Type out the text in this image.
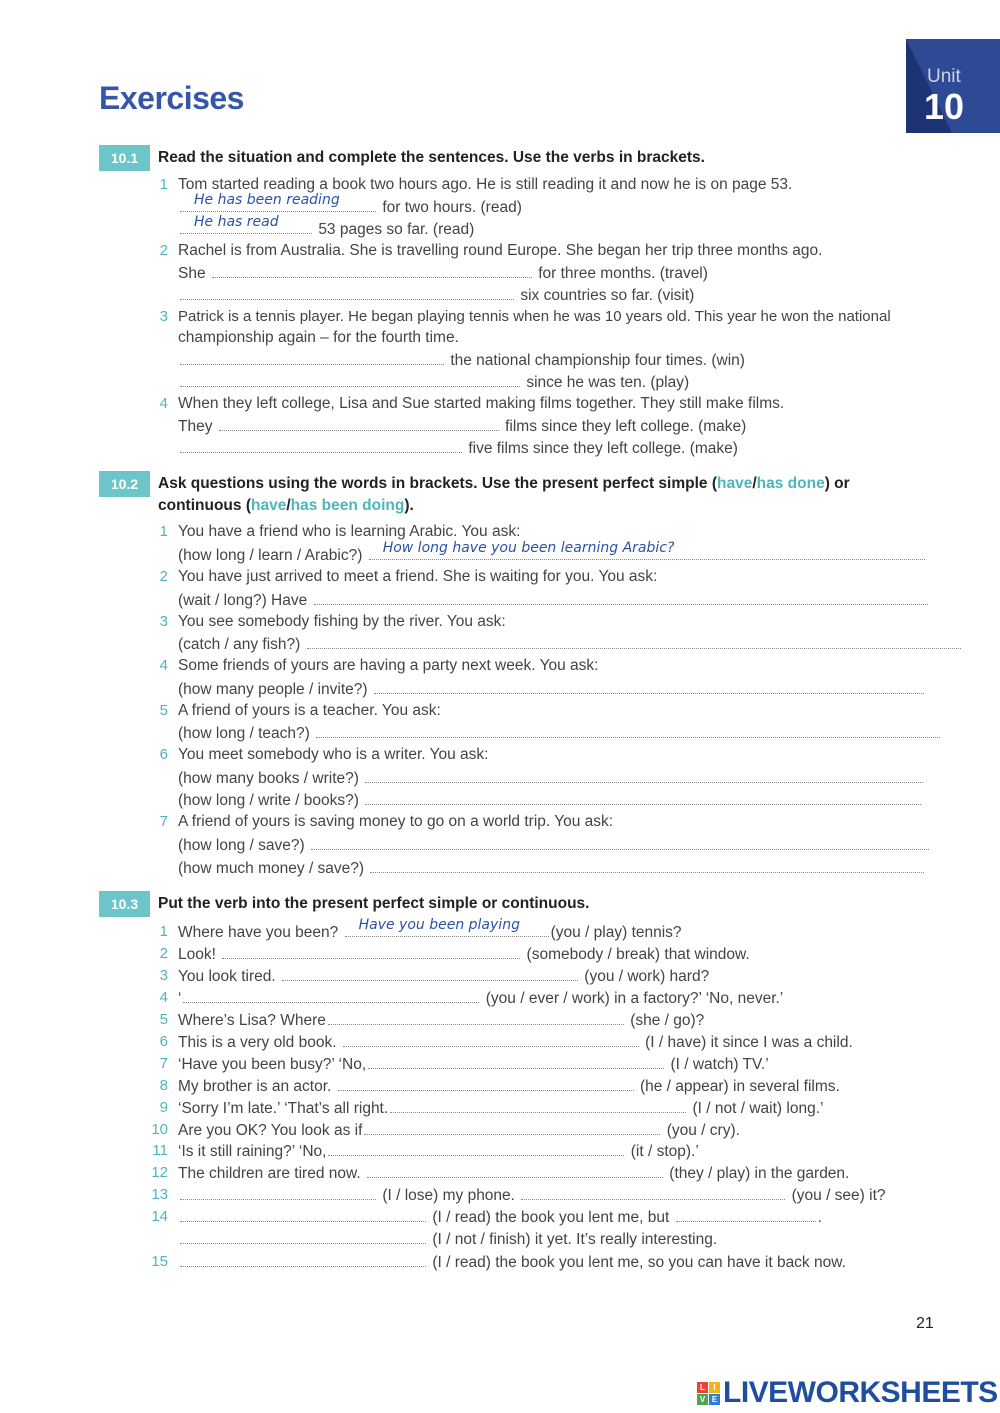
Exercises
Unit
10
10.1	Read the situation and complete the sentences. Use the verbs in brackets.
1 Tom started reading a book two hours ago. He is still reading it and now he is on page 53.
He has been reading	for two hours. (read)
He has read	53 pages so far. (read)
2 Rachel is from Australia. She is travelling round Europe. She began her trip three months ago.
She	for three months. (travel)
six countries so far. (visit)
3 Patrick is a tennis player. He began playing tennis when he was 10 years old. This year he won the national
championship again – for the fourth time.
the national championship four times. (win)
since he was ten. (play)
4 When they left college, Lisa and Sue started making films together. They still make films.
They	films since they left college. (make)
five films since they left college. (make)
10.2	Ask questions using the words in brackets. Use the present perfect simple (have/has done) or
continuous (have/has been doing).
1 You have a friend who is learning Arabic. You ask:
(how long / learn / Arabic?) How long have you been learning Arabic?
2 You have just arrived to meet a friend. She is waiting for you. You ask:
(wait / long?) Have
3 You see somebody fishing by the river. You ask:
(catch / any fish?)
4 Some friends of yours are having a party next week. You ask:
(how many people / invite?)
5 A friend of yours is a teacher. You ask:
(how long / teach?)
6 You meet somebody who is a writer. You ask:
(how many books / write?)
(how long / write / books?)
7 A friend of yours is saving money to go on a world trip. You ask:
(how long / save?)
(how much money / save?)
10.3	Put the verb into the present perfect simple or continuous.
1 Where have you been? Have you been playing (you / play) tennis?
2 Look!	(somebody / break) that window.
3 You look tired.	(you / work) hard?
4 ‘	(you / ever / work) in a factory?’ ‘No, never.’
5 Where’s Lisa? Where	(she / go)?
6 This is a very old book.	(I / have) it since I was a child.
7 ‘Have you been busy?’ ‘No,	(I / watch) TV.’
8 My brother is an actor.	(he / appear) in several films.
9 ‘Sorry I’m late.’ ‘That’s all right.	(I / not / wait) long.’
10 Are you OK? You look as if	(you / cry).
11 ‘Is it still raining?’ ‘No,	(it / stop).’
12 The children are tired now.	(they / play) in the garden.
13	(I / lose) my phone.	(you / see) it?
14	(I / read) the book you lent me, but	.
(I / not / finish) it yet. It’s really interesting.
15	(I / read) the book you lent me, so you can have it back now.
21
L	I
V E LIVEWORKSHEETS
